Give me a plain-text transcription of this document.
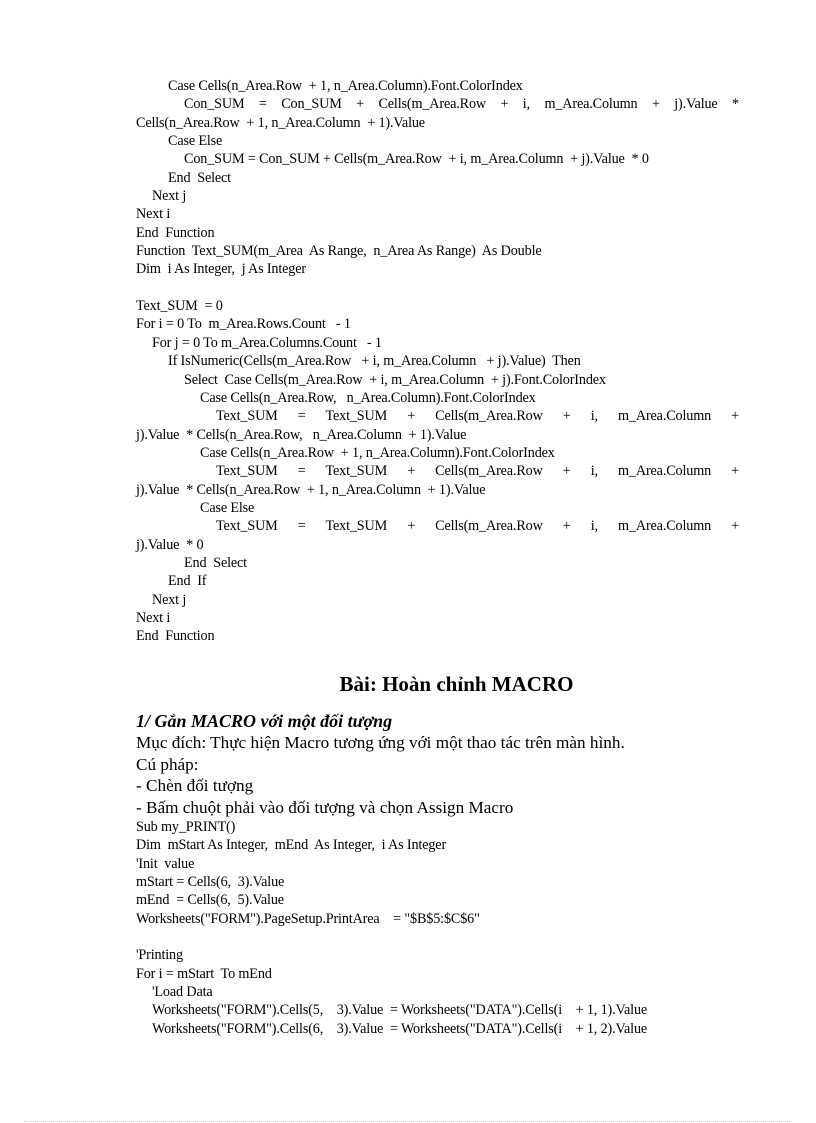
Case Cells(n_Area.Row  + 1, n_Area.Column).Font.ColorIndex
Con_SUM = Con_SUM + Cells(m_Area.Row + i, m_Area.Column + j).Value *
Cells(n_Area.Row  + 1, n_Area.Column  + 1).Value
Case Else
Con_SUM = Con_SUM + Cells(m_Area.Row  + i, m_Area.Column  + j).Value  * 0
End  Select
Next j
Next i
End  Function
Function  Text_SUM(m_Area  As Range,  n_Area As Range)  As Double
Dim  i As Integer,  j As Integer
Text_SUM  = 0
For i = 0 To  m_Area.Rows.Count   - 1
For j = 0 To m_Area.Columns.Count   - 1
If IsNumeric(Cells(m_Area.Row   + i, m_Area.Column   + j).Value)  Then
Select  Case Cells(m_Area.Row  + i, m_Area.Column  + j).Font.ColorIndex
Case Cells(n_Area.Row,   n_Area.Column).Font.ColorIndex
Text_SUM = Text_SUM + Cells(m_Area.Row + i, m_Area.Column +
j).Value  * Cells(n_Area.Row,   n_Area.Column  + 1).Value
Case Cells(n_Area.Row  + 1, n_Area.Column).Font.ColorIndex
Text_SUM = Text_SUM + Cells(m_Area.Row + i, m_Area.Column +
j).Value  * Cells(n_Area.Row  + 1, n_Area.Column  + 1).Value
Case Else
Text_SUM = Text_SUM + Cells(m_Area.Row + i, m_Area.Column +
j).Value  * 0
End  Select
End  If
Next j
Next i
End  Function
Bài: Hoàn chỉnh MACRO
1/ Gắn MACRO với một đối tượng
Mục đích: Thực hiện Macro tương ứng với một thao tác trên màn hình.
Cú pháp:
- Chèn đối tượng
- Bấm chuột phải vào đối tượng và chọn Assign Macro
Sub my_PRINT()
Dim  mStart As Integer,  mEnd  As Integer,  i As Integer
'Init  value
mStart = Cells(6,  3).Value
mEnd  = Cells(6,  5).Value
Worksheets("FORM").PageSetup.PrintArea    = "$B$5:$C$6"
'Printing
For i = mStart  To mEnd
'Load Data
Worksheets("FORM").Cells(5,    3).Value  = Worksheets("DATA").Cells(i    + 1, 1).Value
Worksheets("FORM").Cells(6,    3).Value  = Worksheets("DATA").Cells(i    + 1, 2).Value
